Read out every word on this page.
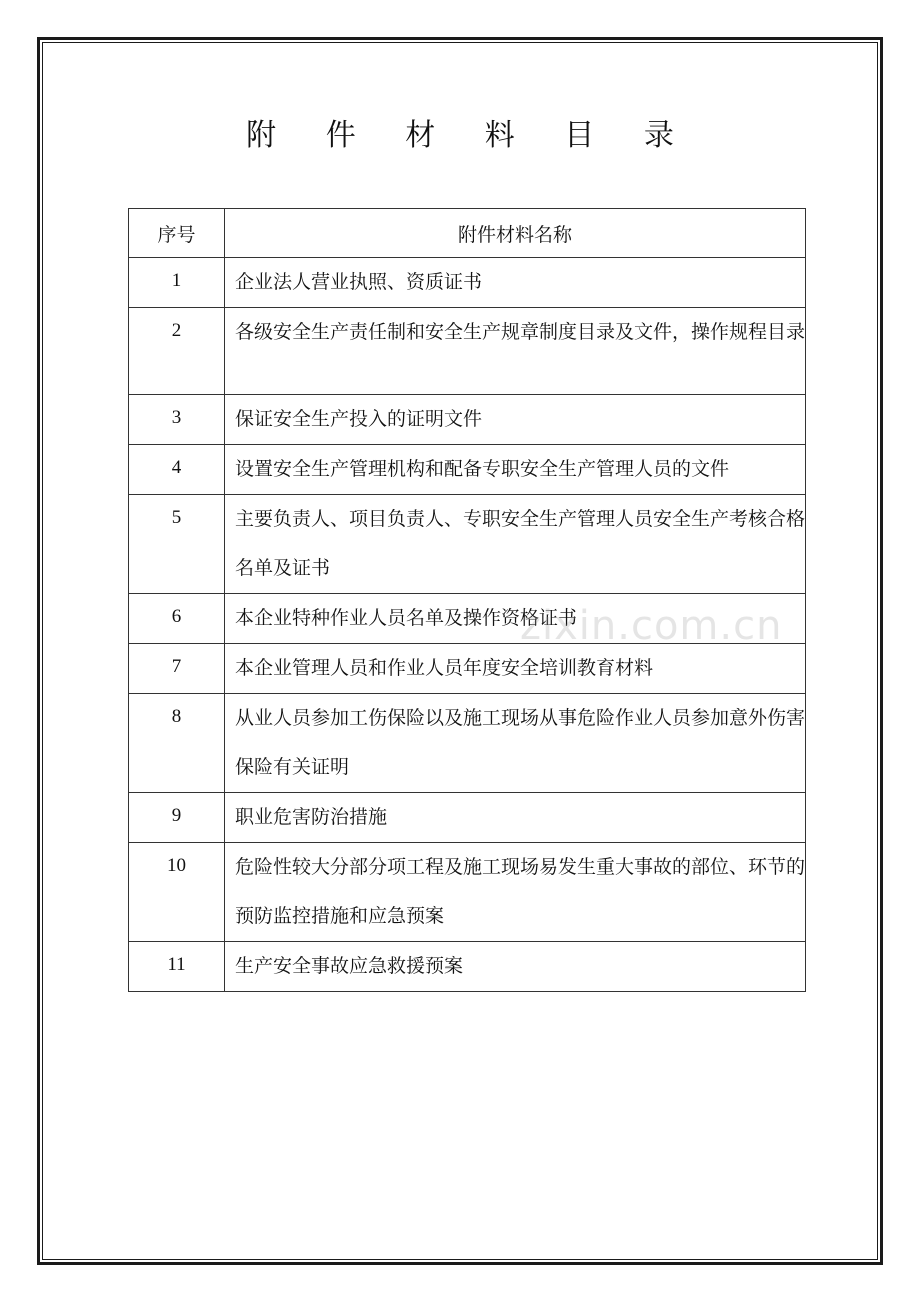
附 件 材 料 目 录
序号	附件材料名称
1	企业法人营业执照、资质证书

2	各级安全生产责任制和安全生产规章制度目录及文件，操作规程目录

3	保证安全生产投入的证明文件

4	设置安全生产管理机构和配备专职安全生产管理人员的文件

5	主要负责人、项目负责人、专职安全生产管理人员安全生产考核合格名单及证书

6	本企业特种作业人员名单及操作资格证书

7	本企业管理人员和作业人员年度安全培训教育材料

8	从业人员参加工伤保险以及施工现场从事危险作业人员参加意外伤害保险有关证明

9	职业危害防治措施

10	危险性较大分部分项工程及施工现场易发生重大事故的部位、环节的预防监控措施和应急预案

11	生产安全事故应急救援预案
zixin.com.cn
